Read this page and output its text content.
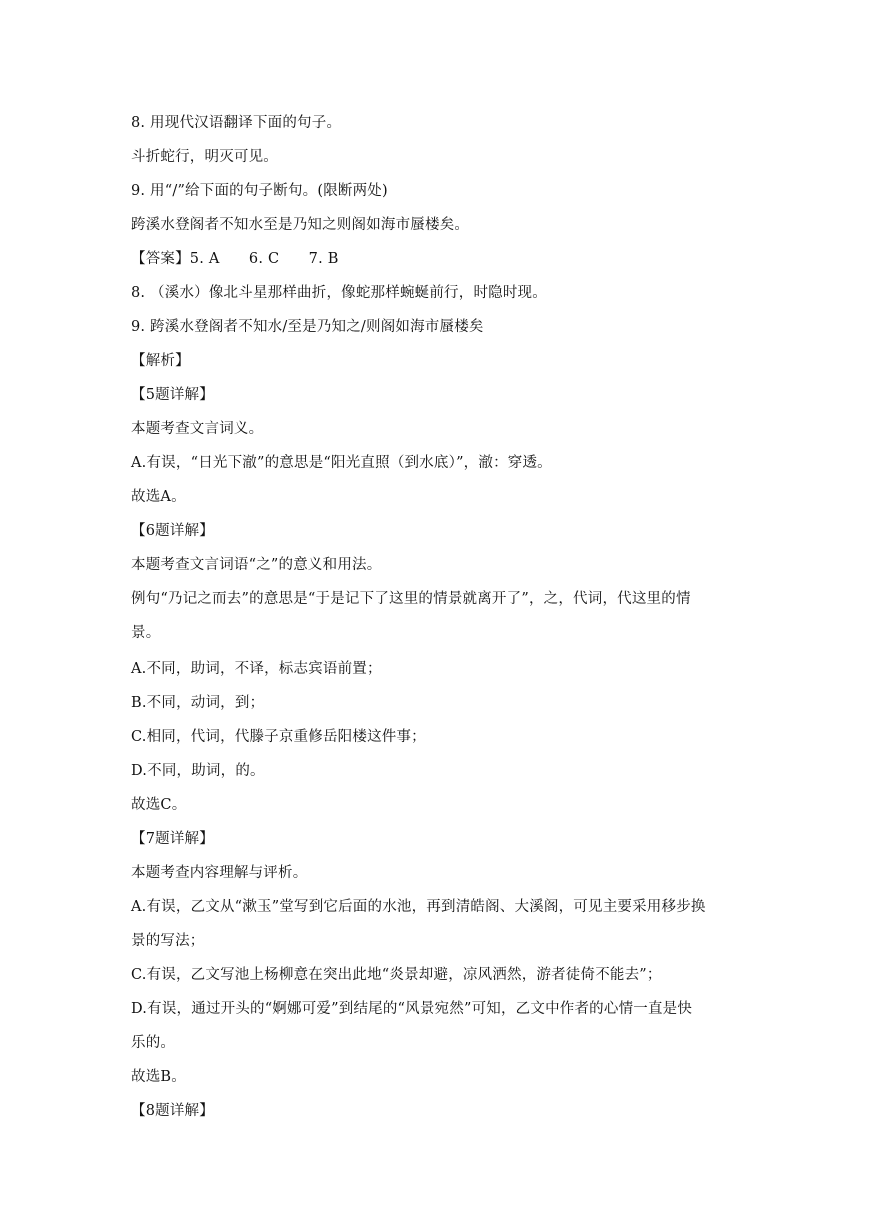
8. 用现代汉语翻译下面的句子。
斗折蛇行，明灭可见。
9. 用“/”给下面的句子断句。(限断两处)
跨溪水登阁者不知水至是乃知之则阁如海市蜃楼矣。
【答案】5. A　　6. C　　7. B
8. （溪水）像北斗星那样曲折，像蛇那样蜿蜒前行，时隐时现。
9. 跨溪水登阁者不知水/至是乃知之/则阁如海市蜃楼矣
【解析】
【5题详解】
本题考查文言词义。
A.有误，“日光下澈”的意思是“阳光直照（到水底）”，澈：穿透。
故选A。
【6题详解】
本题考查文言词语“之”的意义和用法。
例句“乃记之而去”的意思是“于是记下了这里的情景就离开了”，之，代词，代这里的情
景。
A.不同，助词，不译，标志宾语前置；
B.不同，动词，到；
C.相同，代词，代滕子京重修岳阳楼这件事；
D.不同，助词，的。
故选C。
【7题详解】
本题考查内容理解与评析。
A.有误，乙文从“漱玉”堂写到它后面的水池，再到清皓阁、大溪阁，可见主要采用移步换
景的写法；
C.有误，乙文写池上杨柳意在突出此地“炎景却避，凉风洒然，游者徒倚不能去”；
D.有误，通过开头的“婀娜可爱”到结尾的“风景宛然”可知，乙文中作者的心情一直是快
乐的。
故选B。
【8题详解】
